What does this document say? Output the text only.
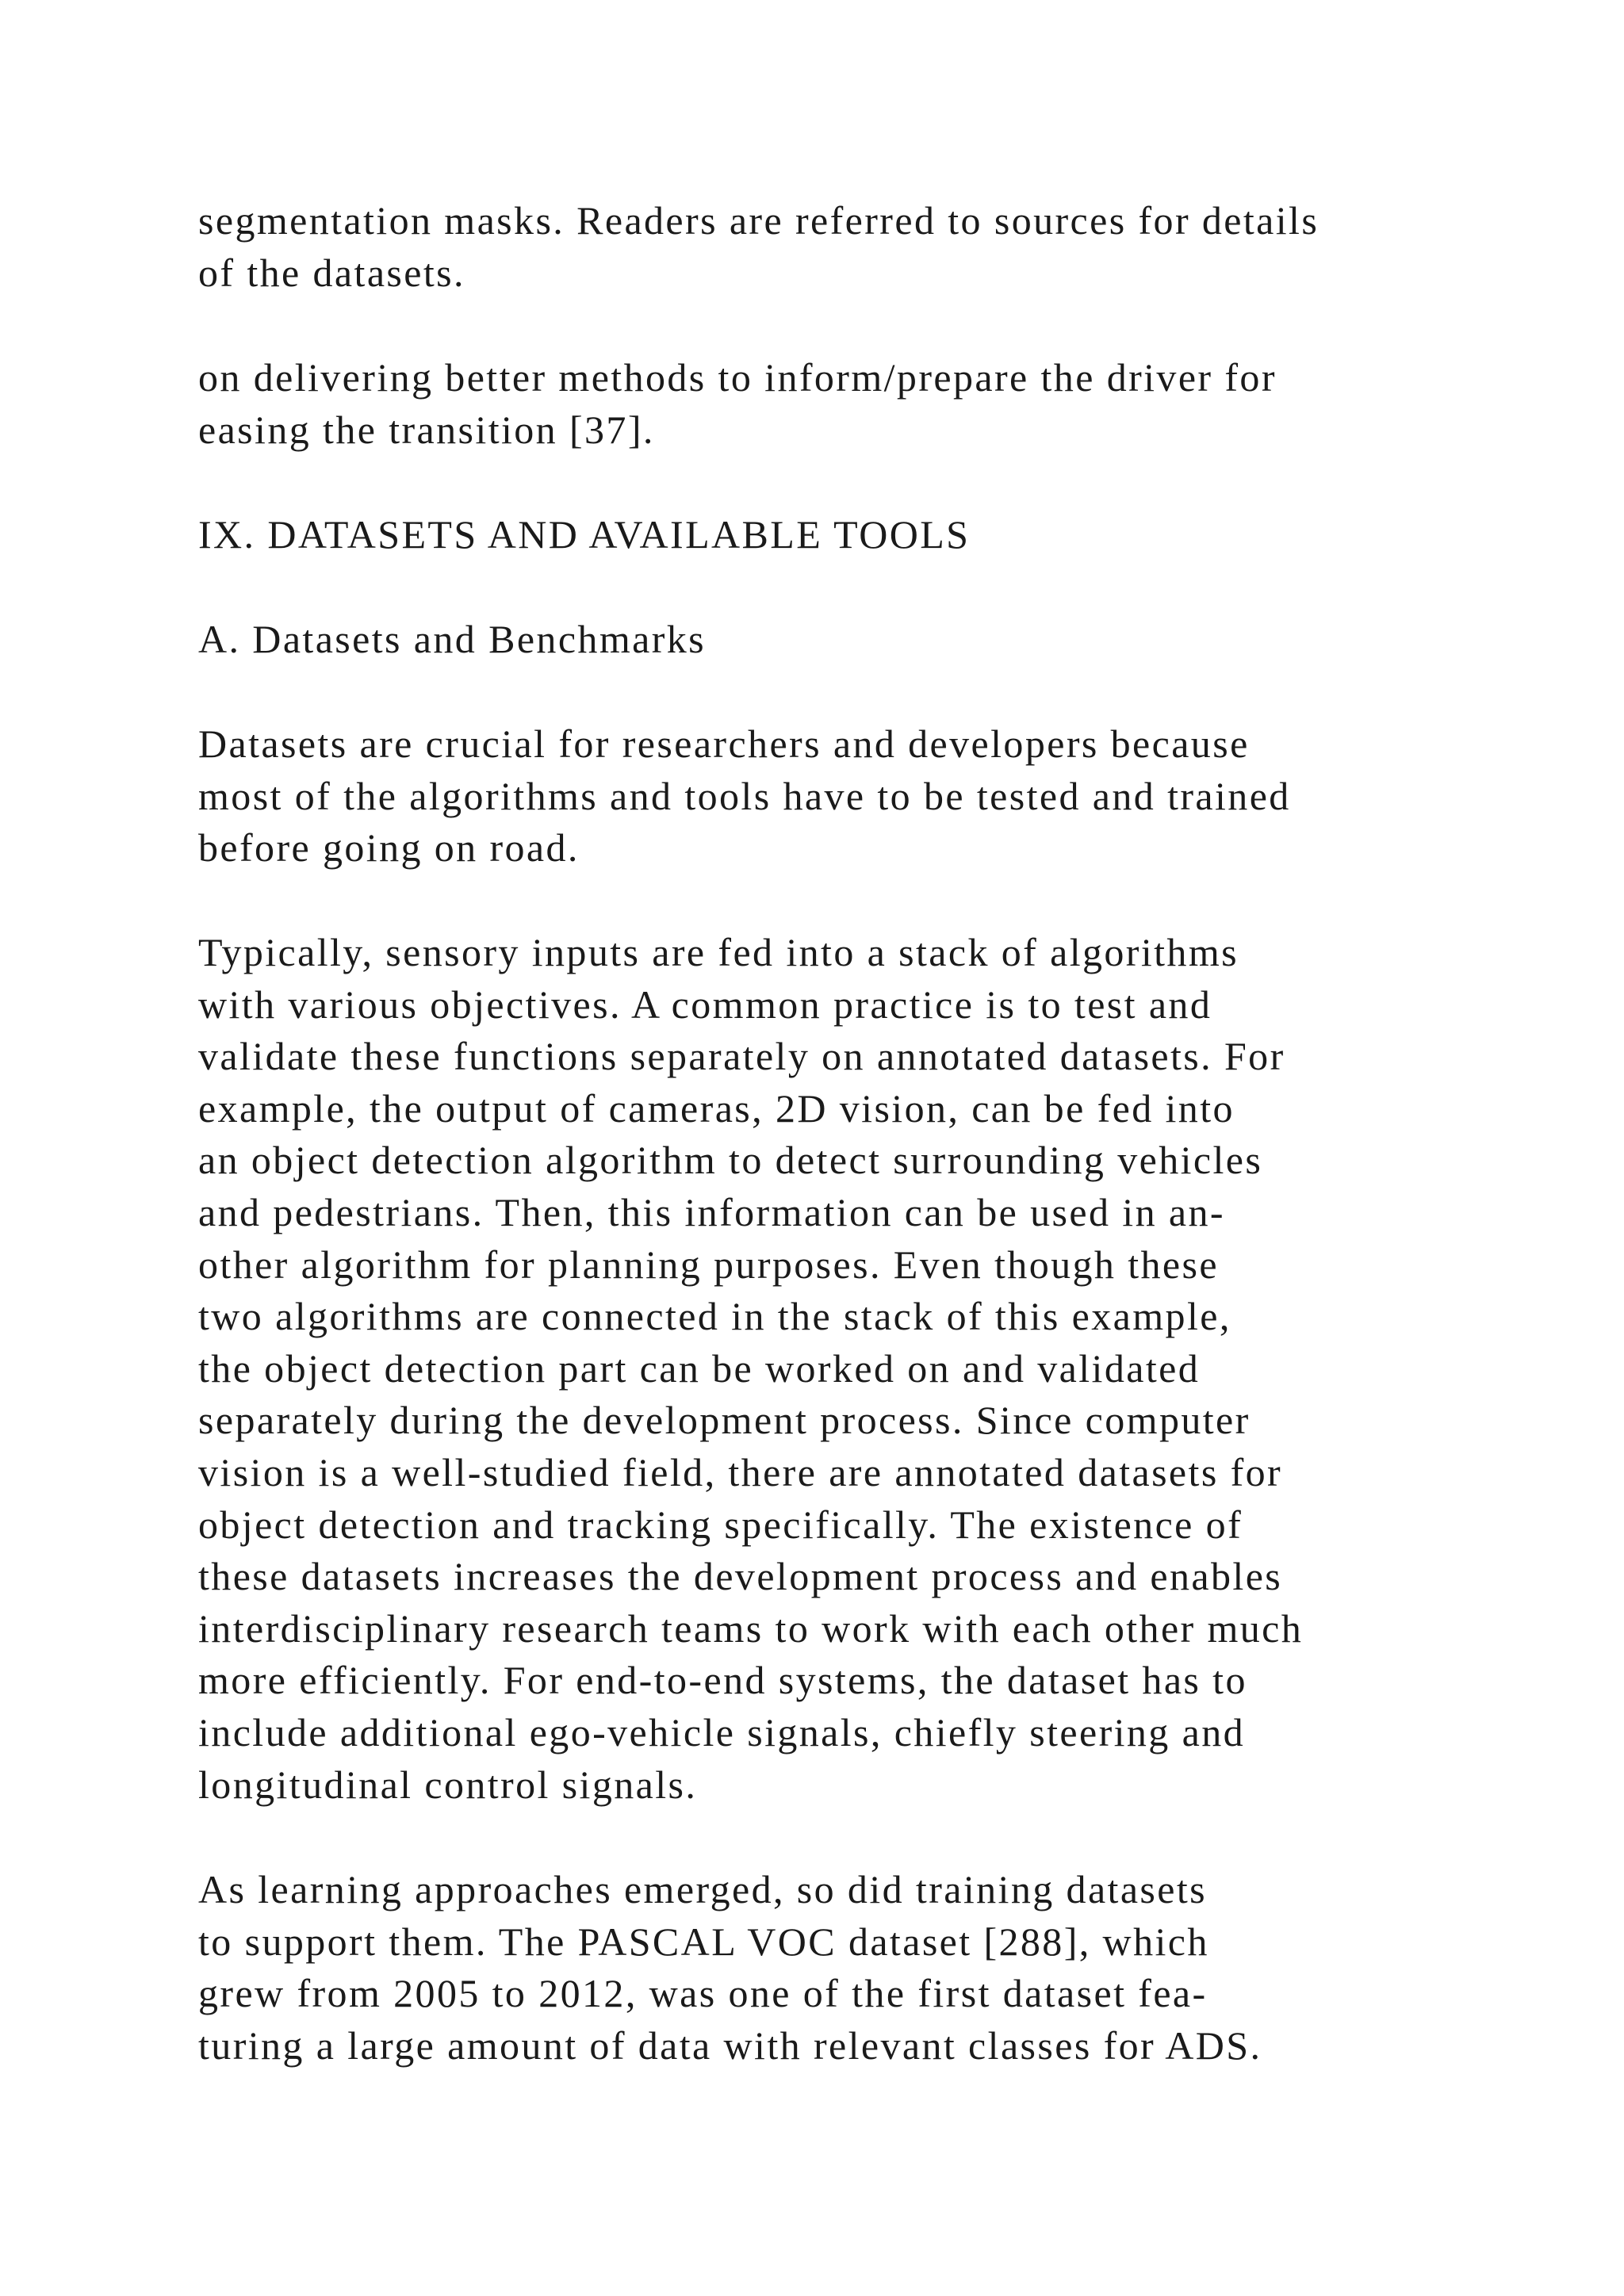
segmentation masks. Readers are referred to sources for details
of the datasets.
on delivering better methods to inform/prepare the driver for
easing the transition [37].
IX. DATASETS AND AVAILABLE TOOLS
A. Datasets and Benchmarks
Datasets are crucial for researchers and developers because
most of the algorithms and tools have to be tested and trained
before going on road.
Typically, sensory inputs are fed into a stack of algorithms
with various objectives. A common practice is to test and
validate these functions separately on annotated datasets. For
example, the output of cameras, 2D vision, can be fed into
an object detection algorithm to detect surrounding vehicles
and pedestrians. Then, this information can be used in an-
other algorithm for planning purposes. Even though these
two algorithms are connected in the stack of this example,
the object detection part can be worked on and validated
separately during the development process. Since computer
vision is a well-studied field, there are annotated datasets for
object detection and tracking specifically. The existence of
these datasets increases the development process and enables
interdisciplinary research teams to work with each other much
more efficiently. For end-to-end systems, the dataset has to
include additional ego-vehicle signals, chiefly steering and
longitudinal control signals.
As learning approaches emerged, so did training datasets
to support them. The PASCAL VOC dataset [288], which
grew from 2005 to 2012, was one of the first dataset fea-
turing a large amount of data with relevant classes for ADS.
